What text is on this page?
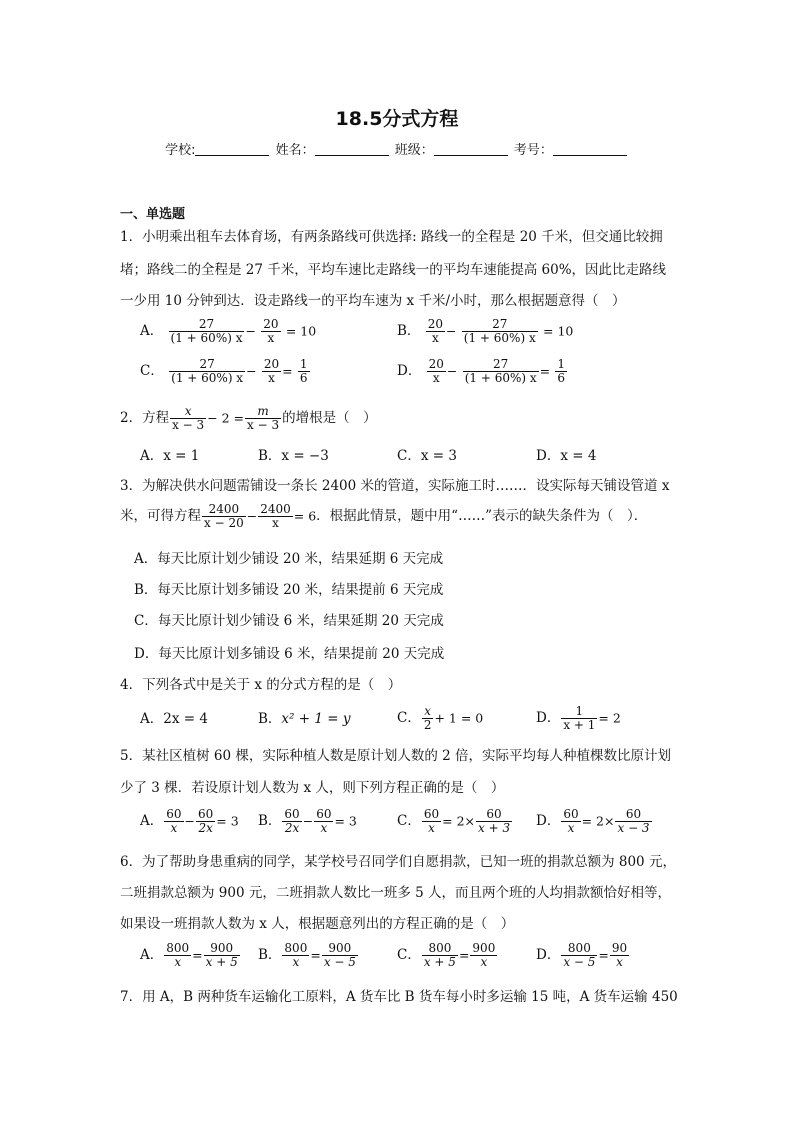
18.5分式方程
学校:	姓名：	班级：	考号：
一、单选题
1．小明乘出租车去体育场，有两条路线可供选择: 路线一的全程是 20 千米，但交通比较拥
堵；路线二的全程是 27 千米，平均车速比走路线一的平均车速能提高 60%，因此比走路线
一少用 10 分钟到达．设走路线一的平均车速为 x 千米/小时，那么根据题意得（　）
A． $\frac{27}{(1 + 60\%) x} - \frac{20}{x} = 10$	B． $\frac{20}{x} - \frac{27}{(1 + 60\%) x} = 10$
C． $\frac{27}{(1 + 60\%) x} - \frac{20}{x} = \frac{1}{6}$	D． $\frac{20}{x} - \frac{27}{(1 + 60\%) x} = \frac{1}{6}$
2．方程 $\frac{x}{x - 3} - 2 = \frac{m}{x - 3}$ 的增根是（　）
A．x = 1	B．x = −3	C．x = 3	D．x = 4
3．为解决供水问题需铺设一条长 2400 米的管道，实际施工时……．设实际每天铺设管道 x
米，可得方程 $\frac{2400}{x - 20} - \frac{2400}{x} = 6$．根据此情景，题中用“……”表示的缺失条件为（　）．
A．每天比原计划少铺设 20 米，结果延期 6 天完成
B．每天比原计划多铺设 20 米，结果提前 6 天完成
C．每天比原计划少铺设 6 米，结果延期 20 天完成
D．每天比原计划多铺设 6 米，结果提前 20 天完成
4．下列各式中是关于 x 的分式方程的是（　）
A．2x = 4	B．x² + 1 = y	C． $\frac{x}{2} + 1 = 0$	D． $\frac{1}{x + 1} = 2$
5．某社区植树 60 棵，实际种植人数是原计划人数的 2 倍，实际平均每人种植棵数比原计划
少了 3 棵．若设原计划人数为 x 人，则下列方程正确的是（　）
A． $\frac{60}{x} - \frac{60}{2x} = 3$ B． $\frac{60}{2x} - \frac{60}{x} = 3$	C． $\frac{60}{x} = 2\times \frac{60}{x + 3}$ D． $\frac{60}{x} = 2\times \frac{60}{x - 3}$
6．为了帮助身患重病的同学，某学校号召同学们自愿捐款，已知一班的捐款总额为 800 元，
二班捐款总额为 900 元，二班捐款人数比一班多 5 人，而且两个班的人均捐款额恰好相等，
如果设一班捐款人数为 x 人，根据题意列出的方程正确的是（　）
A． $\frac{800}{x} = \frac{900}{x + 5}$ B． $\frac{800}{x} = \frac{900}{x - 5}$	C． $\frac{800}{x + 5} = \frac{900}{x}$	D． $\frac{800}{x - 5} = \frac{90}{x}$
7．用 A，B 两种货车运输化工原料，A 货车比 B 货车每小时多运输 15 吨，A 货车运输 450
